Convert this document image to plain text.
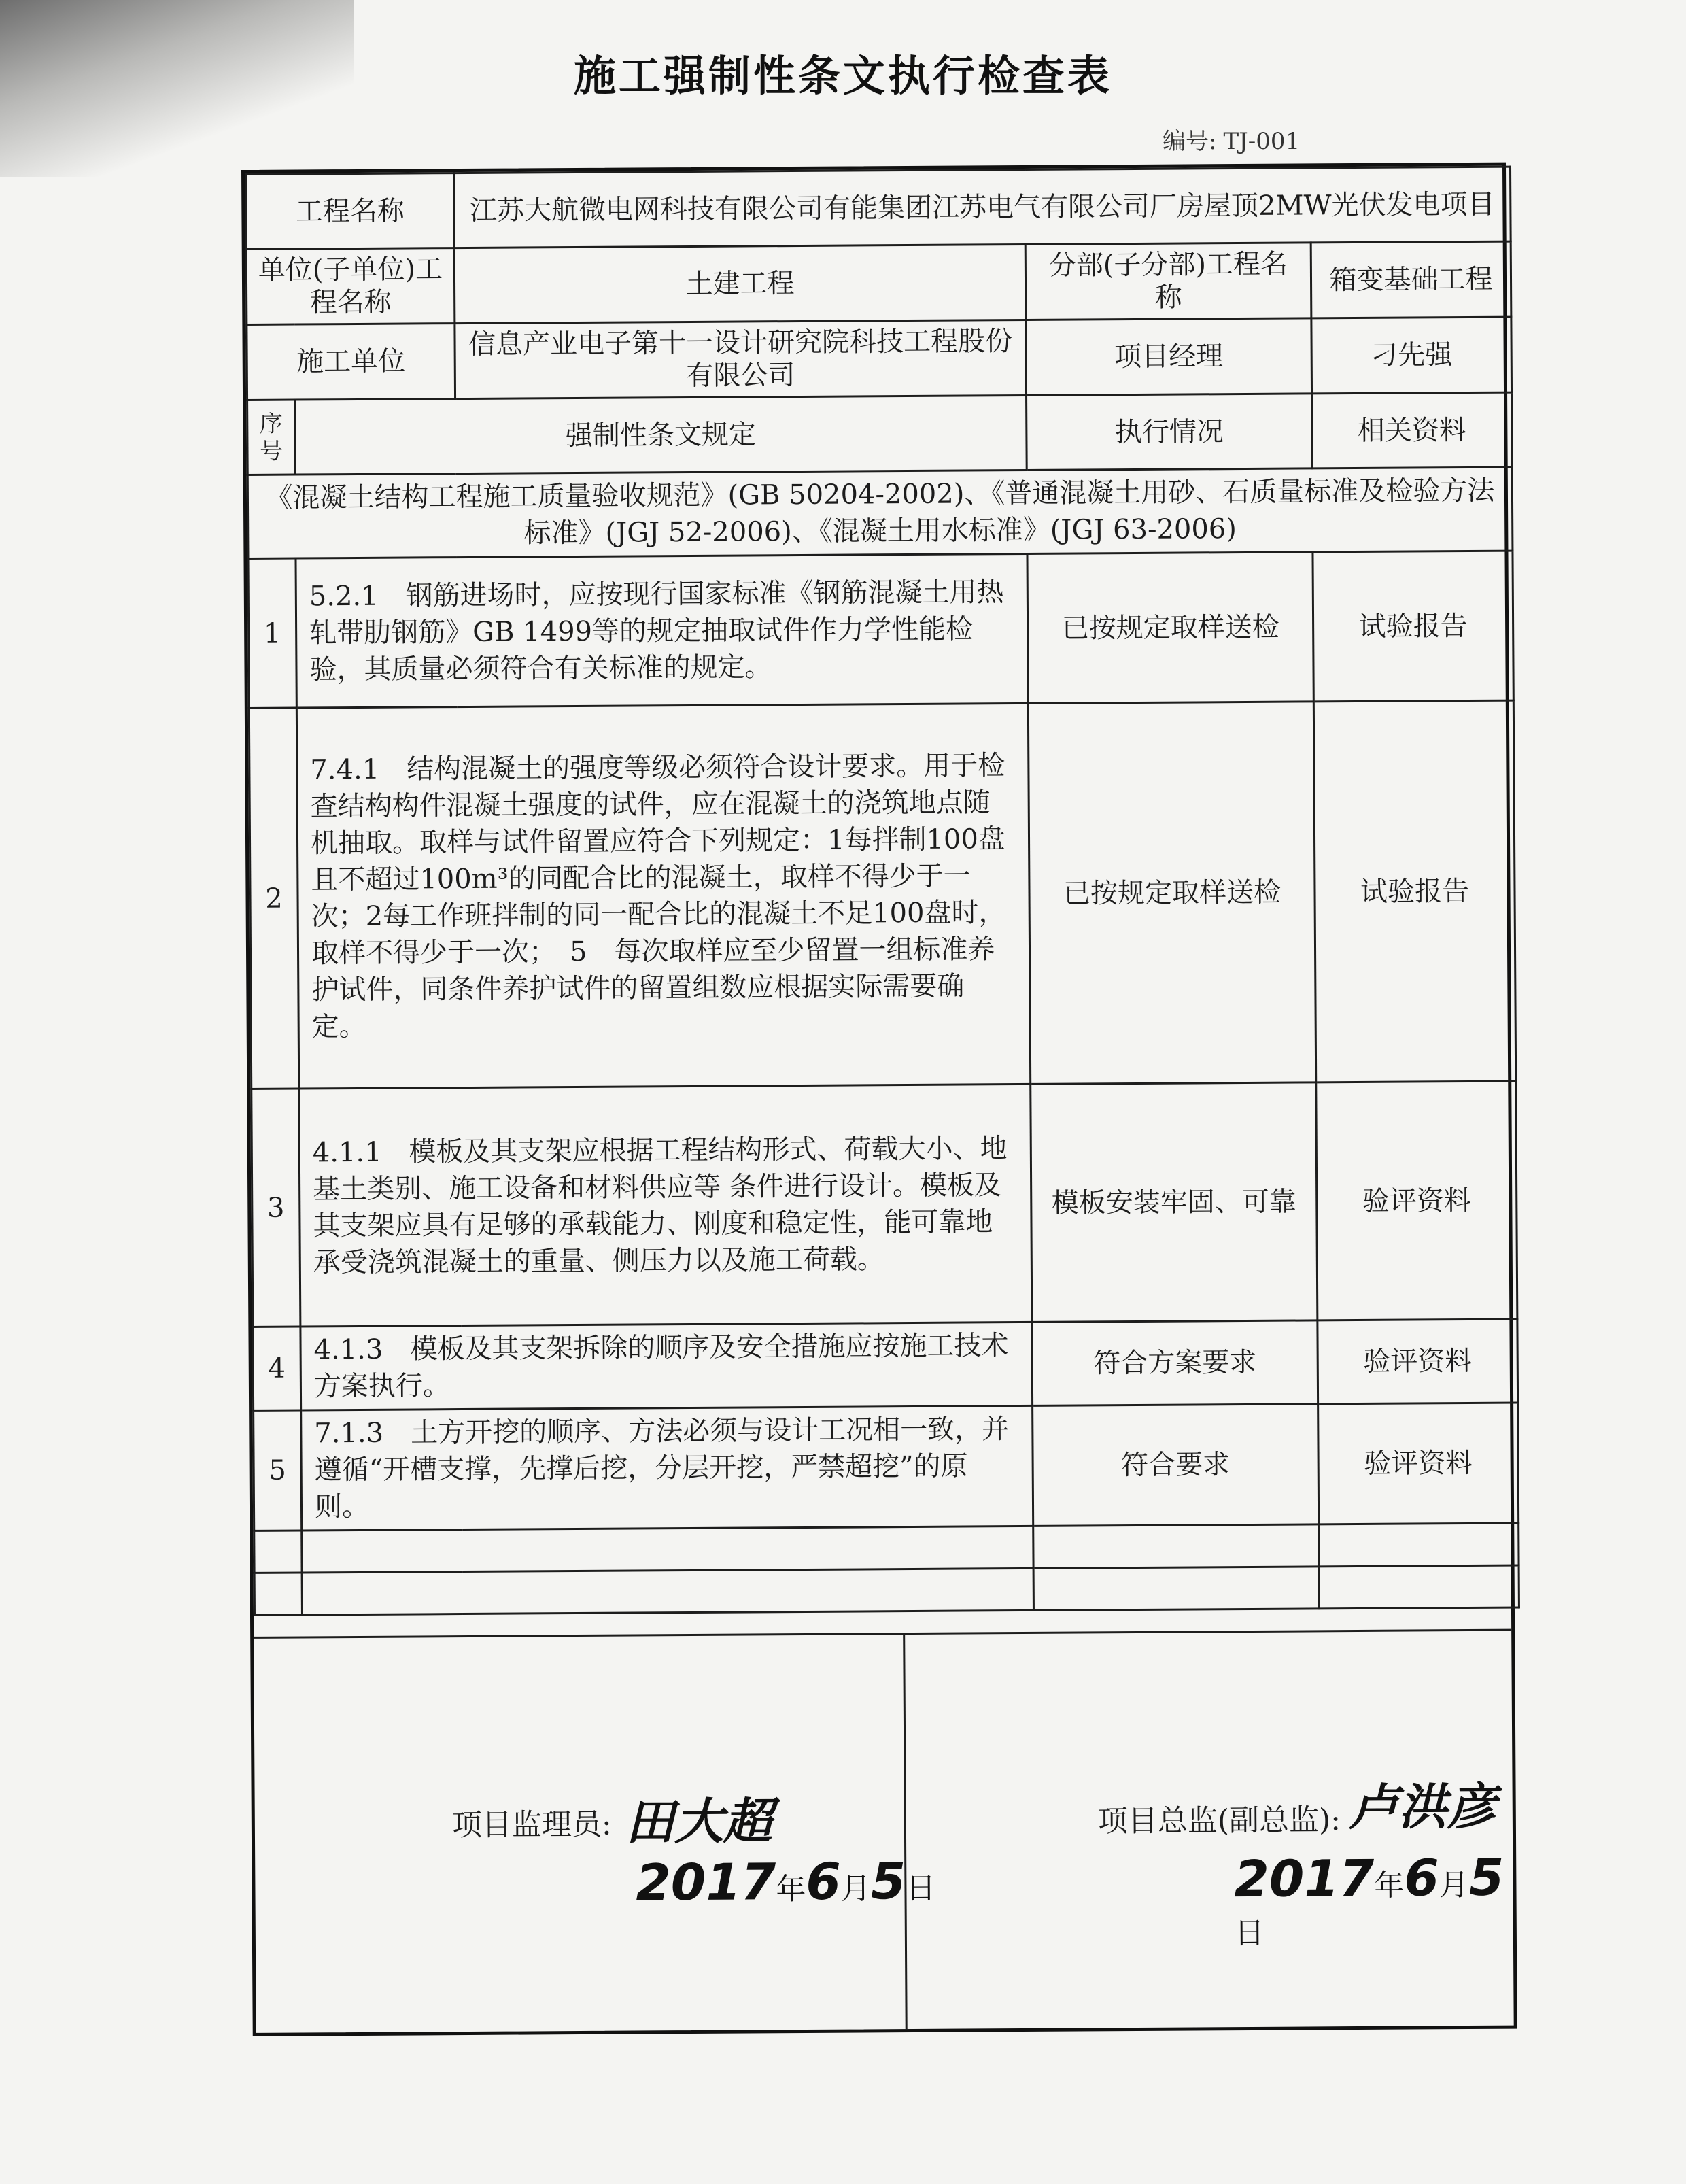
施工强制性条文执行检查表
编号: TJ-001
工程名称		江苏大航微电网科技有限公司有能集团江苏电气有限公司厂房屋顶2MW光伏发电项目		
单位(子单位)工程名称		土建工程	分部(子分部)工程名称	箱变基础工程
施工单位		信息产业电子第十一设计研究院科技工程股份有限公司	项目经理	刁先强
序号	强制性条文规定		执行情况	相关资料
《混凝土结构工程施工质量验收规范》(GB 50204-2002)、《普通混凝土用砂、石质量标准及检验方法标准》(JGJ 52-2006)、《混凝土用水标准》(JGJ 63-2006)				
1	5.2.1　钢筋进场时，应按现行国家标准《钢筋混凝土用热轧带肋钢筋》GB 1499等的规定抽取试件作力学性能检验，其质量必须符合有关标准的规定。		已按规定取样送检	试验报告
2	7.4.1　结构混凝土的强度等级必须符合设计要求。用于检查结构构件混凝土强度的试件，应在混凝土的浇筑地点随机抽取。取样与试件留置应符合下列规定：1每拌制100盘且不超过100m³的同配合比的混凝土，取样不得少于一次；2每工作班拌制的同一配合比的混凝土不足100盘时，取样不得少于一次；　5　每次取样应至少留置一组标准养护试件，同条件养护试件的留置组数应根据实际需要确定。		已按规定取样送检	试验报告
3	4.1.1　模板及其支架应根据工程结构形式、荷载大小、地基土类别、施工设备和材料供应等 条件进行设计。模板及其支架应具有足够的承载能力、刚度和稳定性，能可靠地承受浇筑混凝土的重量、侧压力以及施工荷载。		模板安装牢固、可靠	验评资料
4	4.1.3　模板及其支架拆除的顺序及安全措施应按施工技术方案执行。		符合方案要求	验评资料
5	7.1.3　土方开挖的顺序、方法必须与设计工况相一致，并遵循“开槽支撑，先撑后挖，分层开挖，严禁超挖”的原则。		符合要求	验评资料

项目监理员: 田大超
2017年6月5日
项目总监(副总监): 卢洪彦
2017年6月5日
